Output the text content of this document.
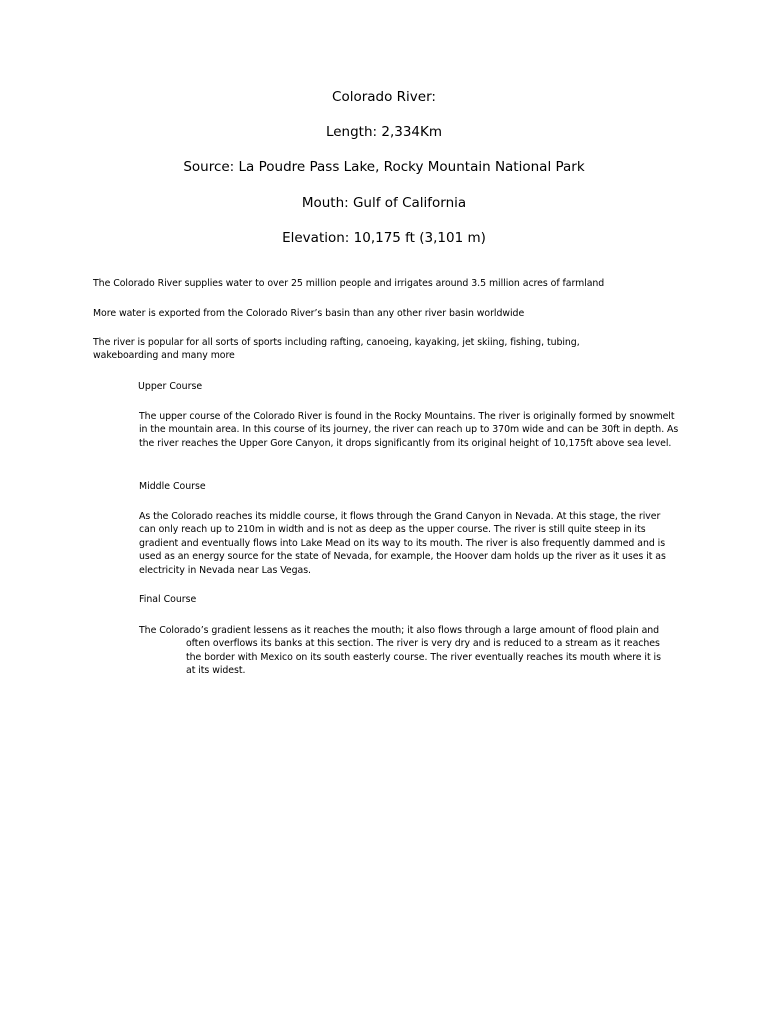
Colorado River:
Length: 2,334Km
Source: La Poudre Pass Lake, Rocky Mountain National Park
Mouth: Gulf of California
Elevation: 10,175 ft (3,101 m)
The Colorado River supplies water to over 25 million people and irrigates around 3.5 million acres of farmland
More water is exported from the Colorado River’s basin than any other river basin worldwide
The river is popular for all sorts of sports including rafting, canoeing, kayaking, jet skiing, fishing, tubing, wakeboarding and many more
Upper Course
The upper course of the Colorado River is found in the Rocky Mountains. The river is originally formed by snowmelt in the mountain area. In this course of its journey, the river can reach up to 370m wide and can be 30ft in depth. As the river reaches the Upper Gore Canyon, it drops significantly from its original height of 10,175ft above sea level.
Middle Course
As the Colorado reaches its middle course, it flows through the Grand Canyon in Nevada. At this stage, the river can only reach up to 210m in width and is not as deep as the upper course. The river is still quite steep in its gradient and eventually flows into Lake Mead on its way to its mouth. The river is also frequently dammed and is used as an energy source for the state of Nevada, for example, the Hoover dam holds up the river as it uses it as electricity in Nevada near Las Vegas.
Final Course
The Colorado’s gradient lessens as it reaches the mouth; it also flows through a large amount of flood plain and often overflows its banks at this section. The river is very dry and is reduced to a stream as it reaches the border with Mexico on its south easterly course. The river eventually reaches its mouth where it is at its widest.
